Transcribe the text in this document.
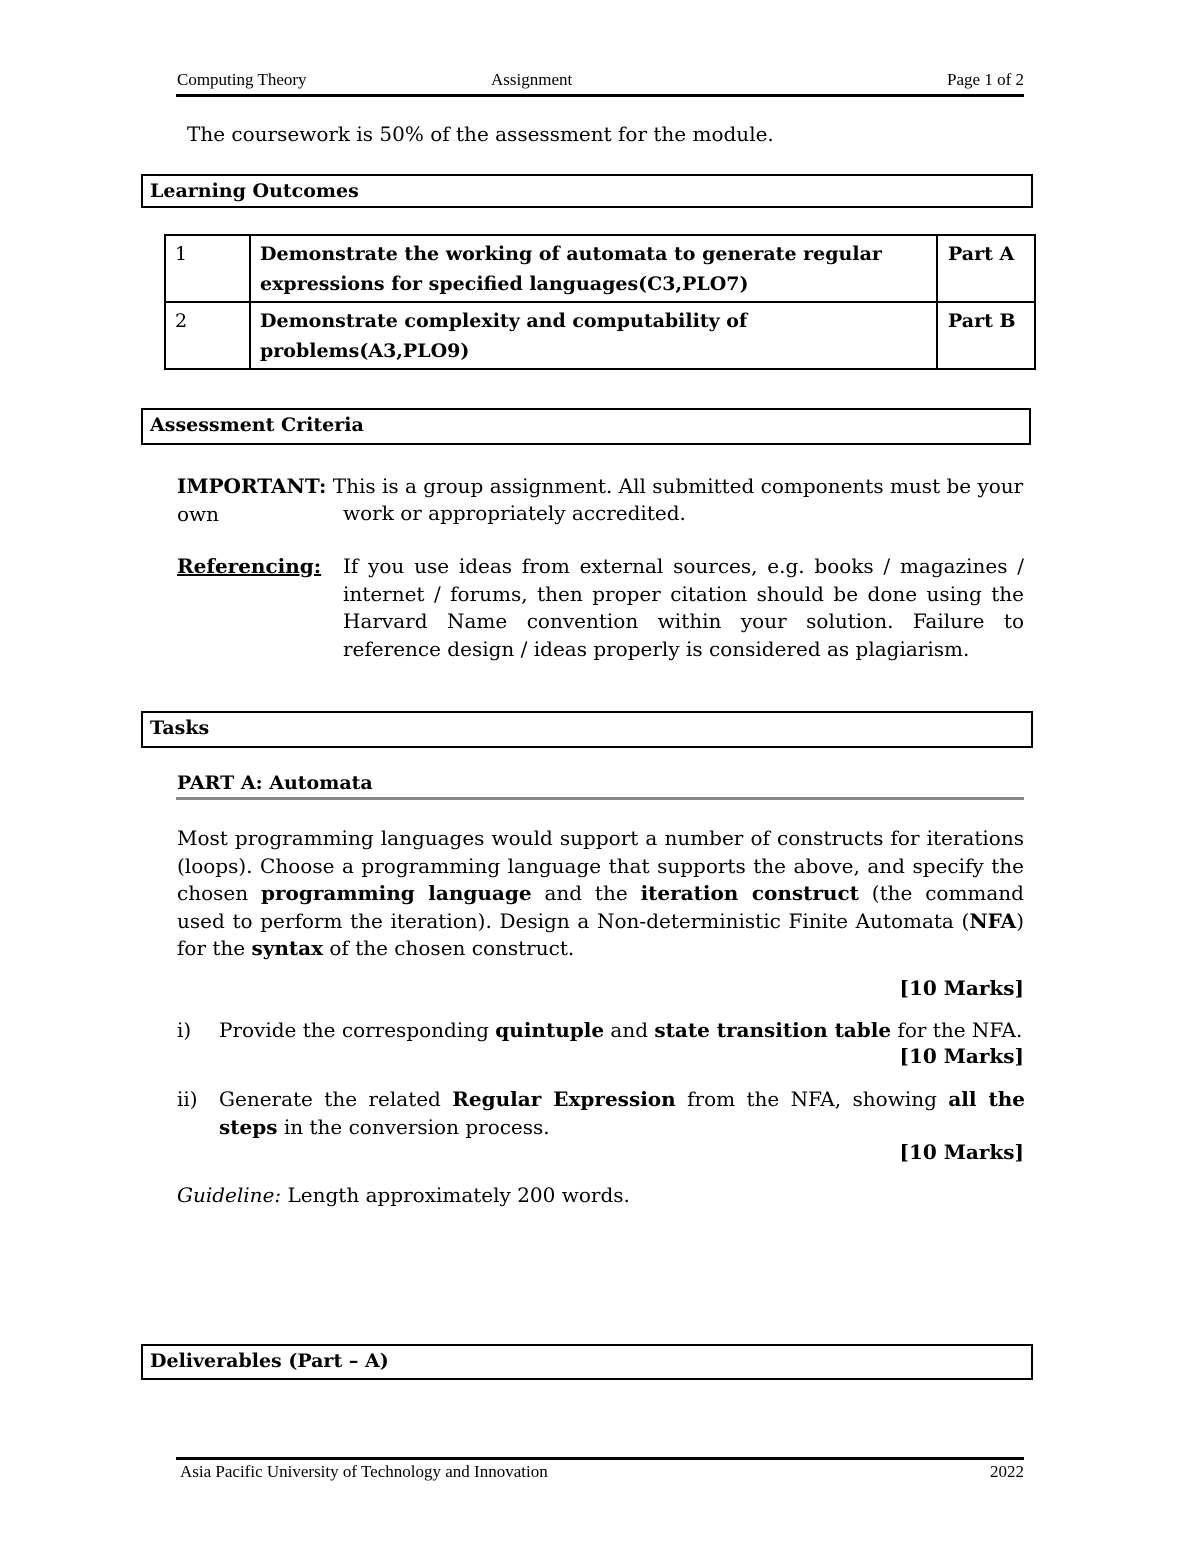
Computing Theory	Assignment	Page 1 of 2
The coursework is 50% of the assessment for the module.
Learning Outcomes
1	Demonstrate the working of automata to generate regular expressions for specified languages(C3,PLO7)	Part A
2	Demonstrate complexity and computability of problems(A3,PLO9)	Part B
Assessment Criteria
IMPORTANT: This is a group assignment. All submitted components must be your own	work or appropriately accredited.
Referencing: If you use ideas from external sources, e.g. books / magazines / internet / forums, then proper citation should be done using the Harvard Name convention within your solution. Failure to reference design / ideas properly is considered as plagiarism.
Tasks
PART A: Automata
Most programming languages would support a number of constructs for iterations (loops). Choose a programming language that supports the above, and specify the chosen programming language and the iteration construct (the command used to perform the iteration). Design a Non-deterministic Finite Automata (NFA) for the syntax of the chosen construct.
[10 Marks]
i) Provide the corresponding quintuple and state transition table for the NFA.
[10 Marks]
ii) Generate the related Regular Expression from the NFA, showing all the steps in the conversion process.
[10 Marks]
Guideline: Length approximately 200 words.
Deliverables (Part – A)
Asia Pacific University of Technology and Innovation	2022
